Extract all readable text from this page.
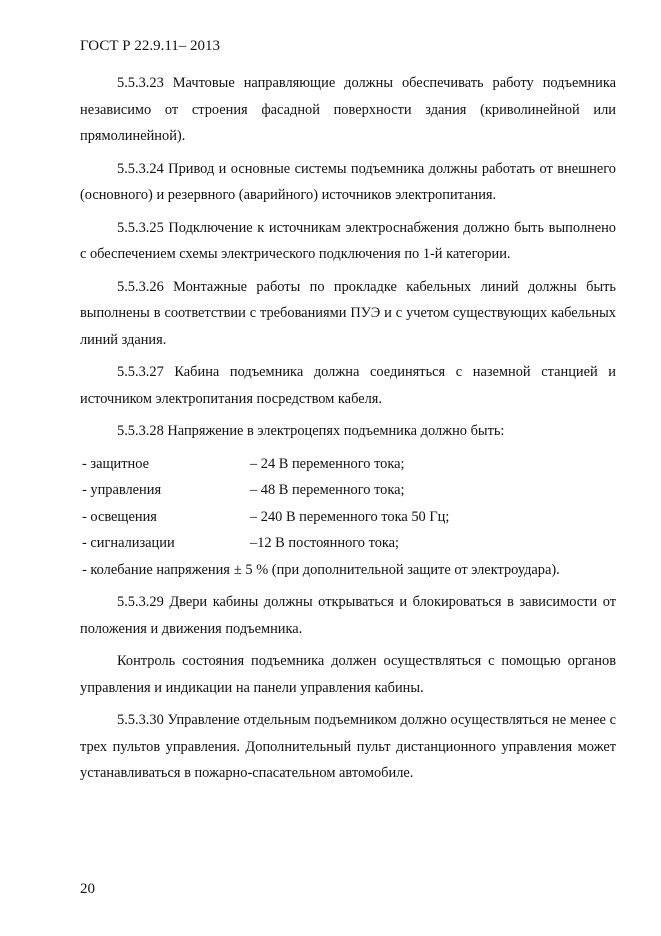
ГОСТ Р 22.9.11– 2013

5.5.3.23 Мачтовые направляющие должны обеспечивать работу подъемника независимо от строения фасадной поверхности здания (криволинейной или прямолинейной).

5.5.3.24 Привод и основные системы подъемника должны работать от внешнего (основного) и резервного (аварийного) источников электропитания.

5.5.3.25 Подключение к источникам электроснабжения должно быть выполнено с обеспечением схемы электрического подключения по 1-й категории.

5.5.3.26 Монтажные работы по прокладке кабельных линий должны быть выполнены в соответствии с требованиями ПУЭ и с учетом существующих кабельных линий здания.

5.5.3.27 Кабина подъемника должна соединяться с наземной станцией и источником электропитания посредством кабеля.

5.5.3.28 Напряжение в электроцепях подъемника должно быть:

- защитное	– 24 В переменного тока;
- управления	– 48 В переменного тока;
- освещения	– 240 В переменного тока 50 Гц;
- сигнализации	–12 В постоянного тока;
- колебание напряжения ± 5 % (при дополнительной защите от электроудара).

5.5.3.29 Двери кабины должны открываться и блокироваться в зависимости от положения и движения подъемника.

Контроль состояния подъемника должен осуществляться с помощью органов управления и индикации на панели управления кабины.

5.5.3.30 Управление отдельным подъемником должно осуществляться не менее с трех пультов управления. Дополнительный пульт дистанционного управления может устанавливаться в пожарно-спасательном автомобиле.

20
